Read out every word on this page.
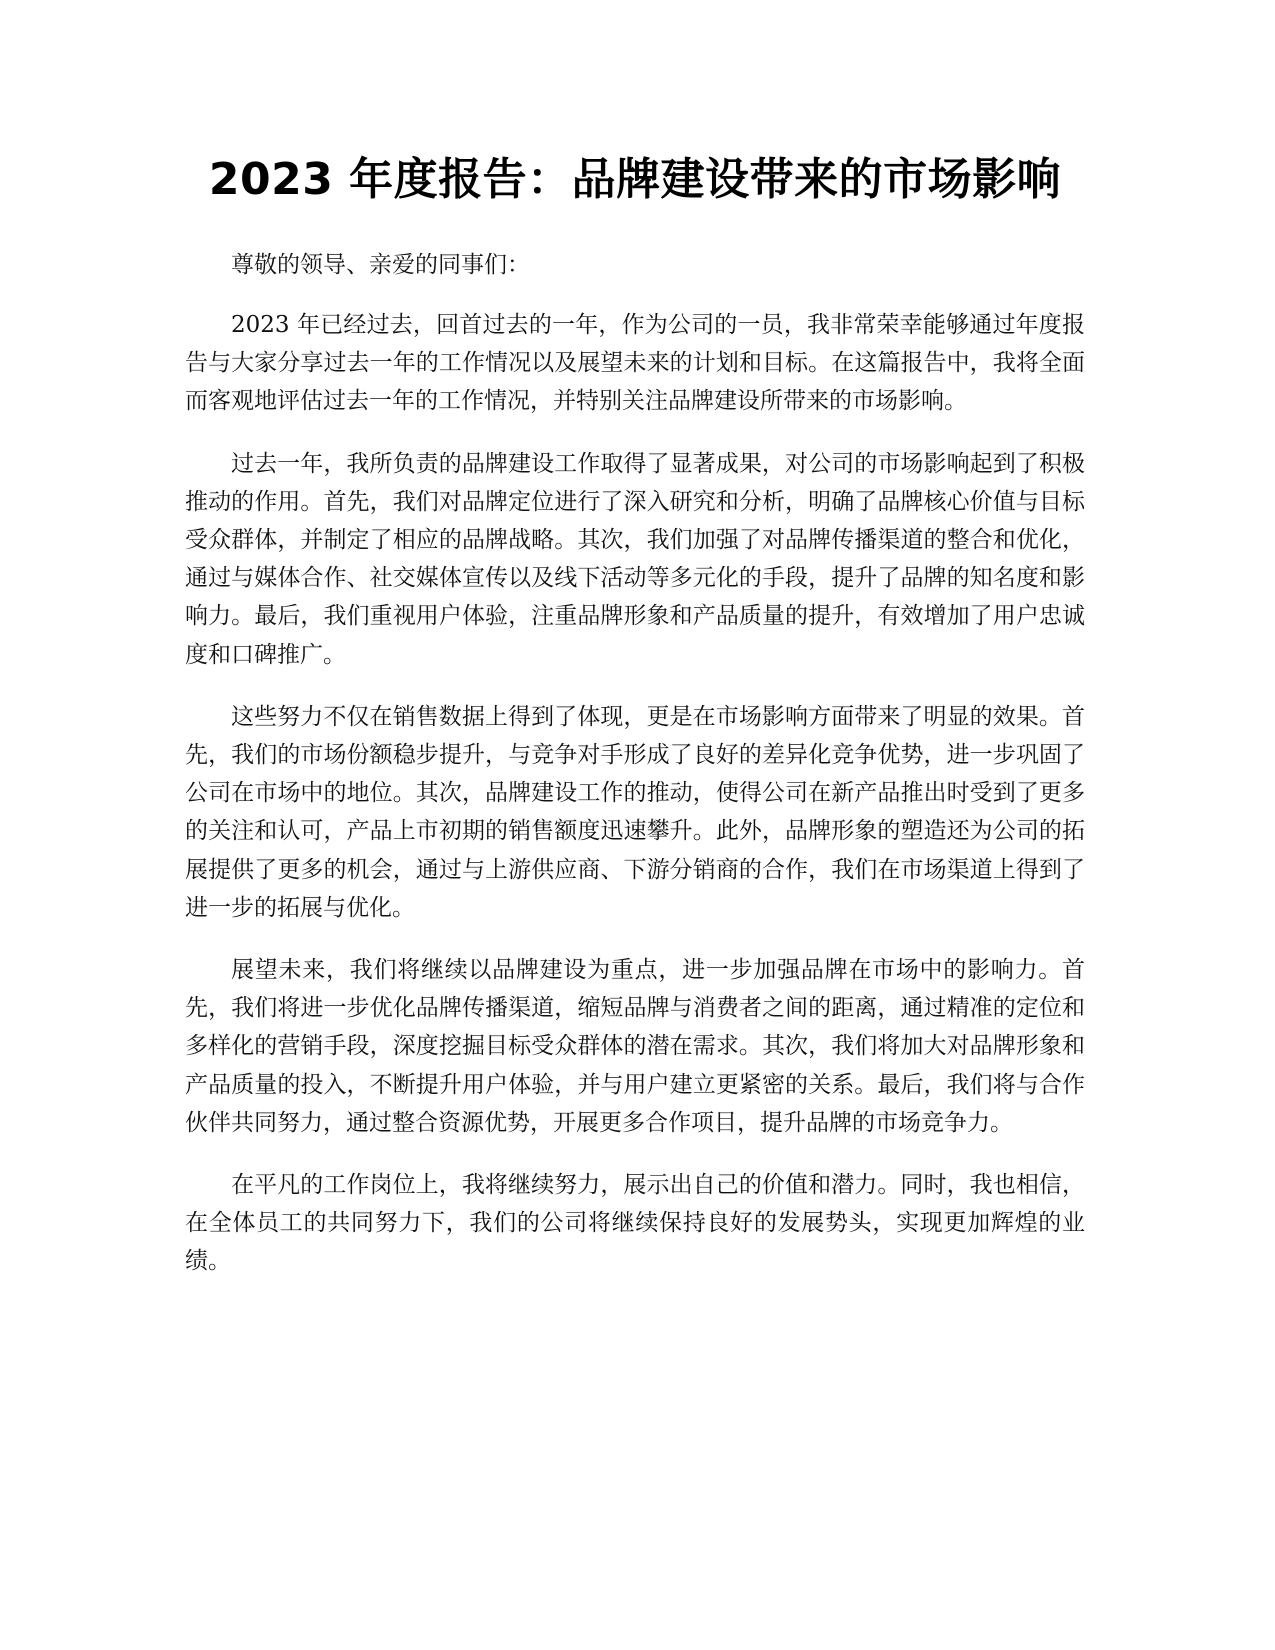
2023 年度报告：品牌建设带来的市场影响

尊敬的领导、亲爱的同事们：

2023 年已经过去，回首过去的一年，作为公司的一员，我非常荣幸能够通过年度报告与大家分享过去一年的工作情况以及展望未来的计划和目标。在这篇报告中，我将全面而客观地评估过去一年的工作情况，并特别关注品牌建设所带来的市场影响。

过去一年，我所负责的品牌建设工作取得了显著成果，对公司的市场影响起到了积极推动的作用。首先，我们对品牌定位进行了深入研究和分析，明确了品牌核心价值与目标受众群体，并制定了相应的品牌战略。其次，我们加强了对品牌传播渠道的整合和优化，通过与媒体合作、社交媒体宣传以及线下活动等多元化的手段，提升了品牌的知名度和影响力。最后，我们重视用户体验，注重品牌形象和产品质量的提升，有效增加了用户忠诚度和口碑推广。

这些努力不仅在销售数据上得到了体现，更是在市场影响方面带来了明显的效果。首先，我们的市场份额稳步提升，与竞争对手形成了良好的差异化竞争优势，进一步巩固了公司在市场中的地位。其次，品牌建设工作的推动，使得公司在新产品推出时受到了更多的关注和认可，产品上市初期的销售额度迅速攀升。此外，品牌形象的塑造还为公司的拓展提供了更多的机会，通过与上游供应商、下游分销商的合作，我们在市场渠道上得到了进一步的拓展与优化。

展望未来，我们将继续以品牌建设为重点，进一步加强品牌在市场中的影响力。首先，我们将进一步优化品牌传播渠道，缩短品牌与消费者之间的距离，通过精准的定位和多样化的营销手段，深度挖掘目标受众群体的潜在需求。其次，我们将加大对品牌形象和产品质量的投入，不断提升用户体验，并与用户建立更紧密的关系。最后，我们将与合作伙伴共同努力，通过整合资源优势，开展更多合作项目，提升品牌的市场竞争力。

在平凡的工作岗位上，我将继续努力，展示出自己的价值和潜力。同时，我也相信，在全体员工的共同努力下，我们的公司将继续保持良好的发展势头，实现更加辉煌的业绩。
